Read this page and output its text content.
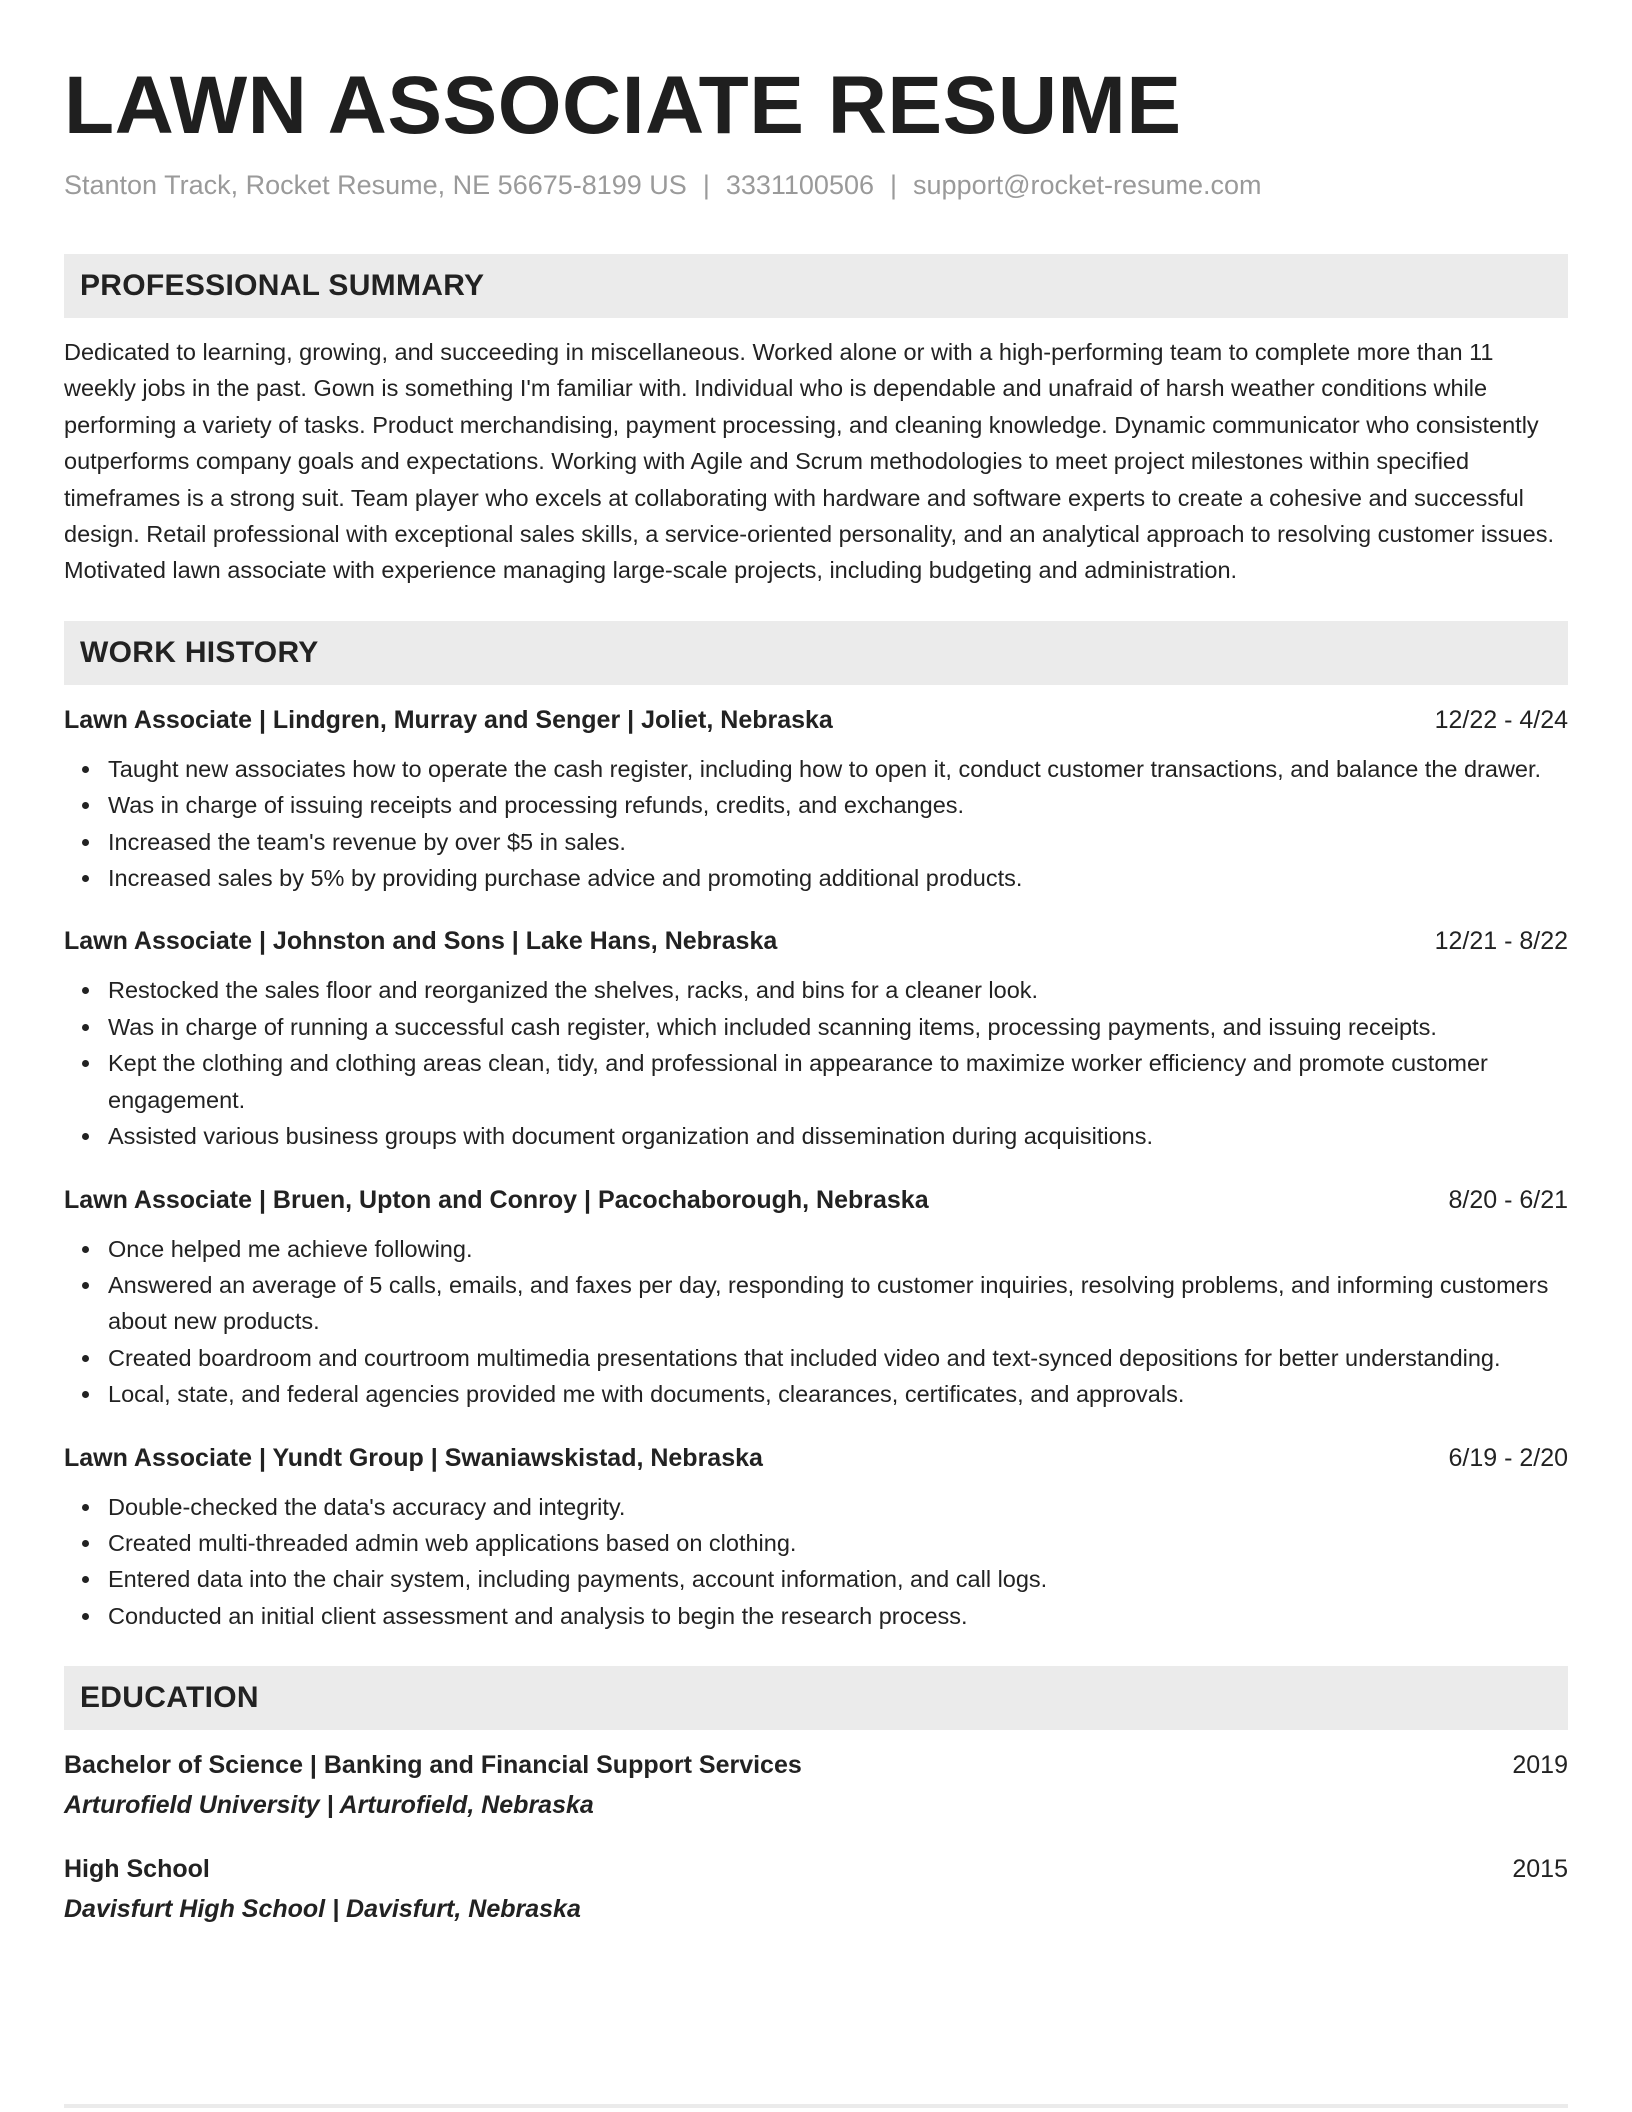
LAWN ASSOCIATE RESUME
Stanton Track, Rocket Resume, NE 56675-8199 US | 3331100506 | support@rocket-resume.com
PROFESSIONAL SUMMARY
Dedicated to learning, growing, and succeeding in miscellaneous. Worked alone or with a high-performing team to complete more than 11 weekly jobs in the past. Gown is something I'm familiar with. Individual who is dependable and unafraid of harsh weather conditions while performing a variety of tasks. Product merchandising, payment processing, and cleaning knowledge. Dynamic communicator who consistently outperforms company goals and expectations. Working with Agile and Scrum methodologies to meet project milestones within specified timeframes is a strong suit. Team player who excels at collaborating with hardware and software experts to create a cohesive and successful design. Retail professional with exceptional sales skills, a service-oriented personality, and an analytical approach to resolving customer issues. Motivated lawn associate with experience managing large-scale projects, including budgeting and administration.
WORK HISTORY
Lawn Associate | Lindgren, Murray and Senger | Joliet, Nebraska	12/22 - 4/24
Taught new associates how to operate the cash register, including how to open it, conduct customer transactions, and balance the drawer.
Was in charge of issuing receipts and processing refunds, credits, and exchanges.
Increased the team's revenue by over $5 in sales.
Increased sales by 5% by providing purchase advice and promoting additional products.
Lawn Associate | Johnston and Sons | Lake Hans, Nebraska	12/21 - 8/22
Restocked the sales floor and reorganized the shelves, racks, and bins for a cleaner look.
Was in charge of running a successful cash register, which included scanning items, processing payments, and issuing receipts.
Kept the clothing and clothing areas clean, tidy, and professional in appearance to maximize worker efficiency and promote customer engagement.
Assisted various business groups with document organization and dissemination during acquisitions.
Lawn Associate | Bruen, Upton and Conroy | Pacochaborough, Nebraska	8/20 - 6/21
Once helped me achieve following.
Answered an average of 5 calls, emails, and faxes per day, responding to customer inquiries, resolving problems, and informing customers about new products.
Created boardroom and courtroom multimedia presentations that included video and text-synced depositions for better understanding.
Local, state, and federal agencies provided me with documents, clearances, certificates, and approvals.
Lawn Associate | Yundt Group | Swaniawskistad, Nebraska	6/19 - 2/20
Double-checked the data's accuracy and integrity.
Created multi-threaded admin web applications based on clothing.
Entered data into the chair system, including payments, account information, and call logs.
Conducted an initial client assessment and analysis to begin the research process.
EDUCATION
Bachelor of Science | Banking and Financial Support Services	2019
Arturofield University | Arturofield, Nebraska
High School	2015
Davisfurt High School | Davisfurt, Nebraska
